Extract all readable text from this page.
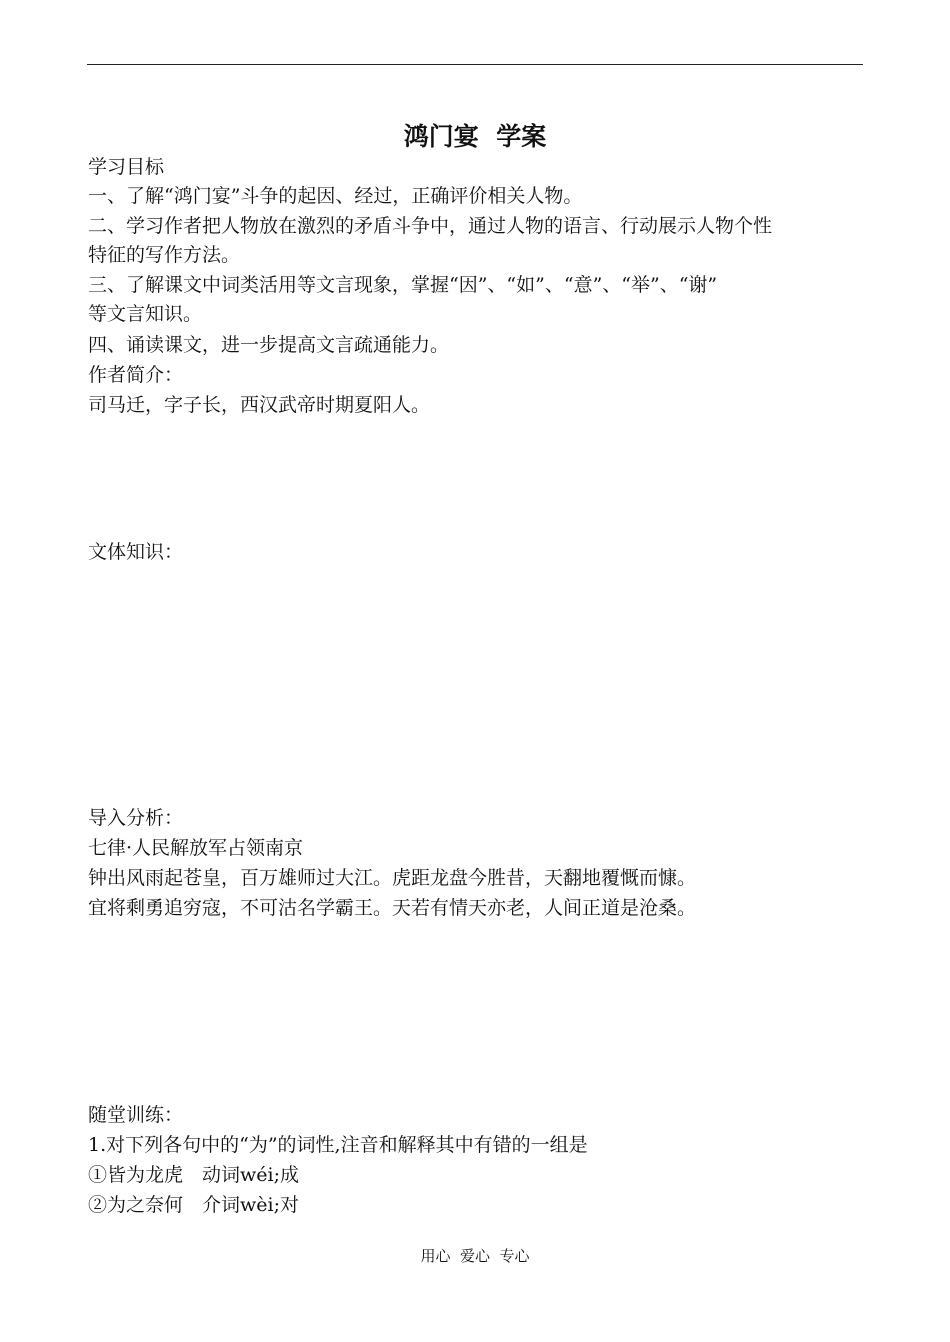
鸿门宴  学案
学习目标
一、了解“鸿门宴”斗争的起因、经过，正确评价相关人物。
二、学习作者把人物放在激烈的矛盾斗争中，通过人物的语言、行动展示人物个性
特征的写作方法。
三、了解课文中词类活用等文言现象，掌握“因”、“如”、“意”、“举”、“谢”
等文言知识。
四、诵读课文，进一步提高文言疏通能力。
作者简介：
司马迁，字子长，西汉武帝时期夏阳人。
文体知识：
导入分析：
七律·人民解放军占领南京
钟出风雨起苍皇，百万雄师过大江。虎距龙盘今胜昔，天翻地覆慨而慷。
宜将剩勇追穷寇，不可沽名学霸王。天若有情天亦老，人间正道是沧桑。
随堂训练：
1.对下列各句中的“为”的词性,注音和解释其中有错的一组是
①皆为龙虎　动词wéi;成
②为之奈何　介词wèi;对
用心  爱心  专心
